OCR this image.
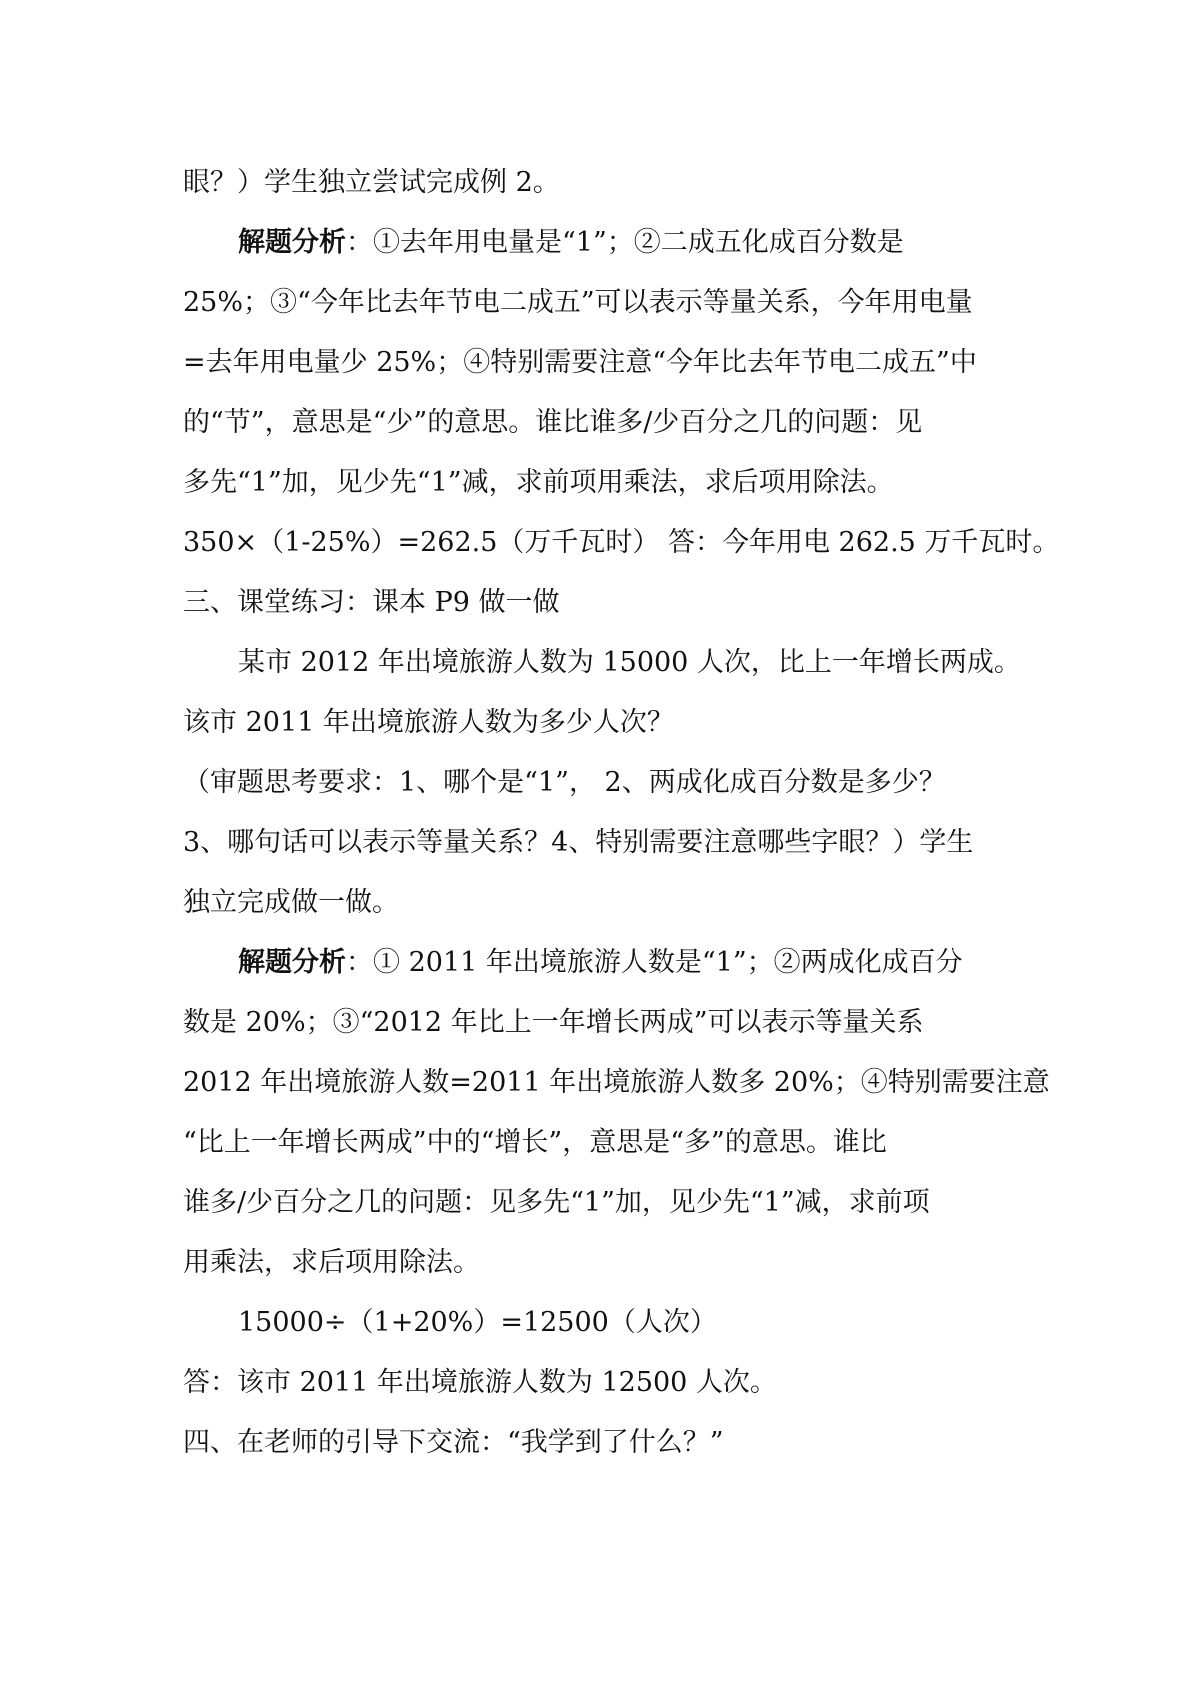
眼？）学生独立尝试完成例 2。
解题分析：①去年用电量是“1”；②二成五化成百分数是
25%；③“今年比去年节电二成五”可以表示等量关系，今年用电量
=去年用电量少 25%；④特别需要注意“今年比去年节电二成五”中
的“节”，意思是“少”的意思。谁比谁多/少百分之几的问题：见
多先“1”加，见少先“1”减，求前项用乘法，求后项用除法。
350×（1-25%）=262.5（万千瓦时） 答：今年用电 262.5 万千瓦时。
三、课堂练习：课本 P9 做一做
某市 2012 年出境旅游人数为 15000 人次，比上一年增长两成。
该市 2011 年出境旅游人数为多少人次？
（审题思考要求：1、哪个是“1”， 2、两成化成百分数是多少？
3、哪句话可以表示等量关系？4、特别需要注意哪些字眼？）学生
独立完成做一做。
解题分析：① 2011 年出境旅游人数是“1”；②两成化成百分
数是 20%；③“2012 年比上一年增长两成”可以表示等量关系
2012 年出境旅游人数=2011 年出境旅游人数多 20%；④特别需要注意
“比上一年增长两成”中的“增长”，意思是“多”的意思。谁比
谁多/少百分之几的问题：见多先“1”加，见少先“1”减，求前项
用乘法，求后项用除法。
15000÷（1+20%）=12500（人次）
答：该市 2011 年出境旅游人数为 12500 人次。
四、在老师的引导下交流：“我学到了什么？”
